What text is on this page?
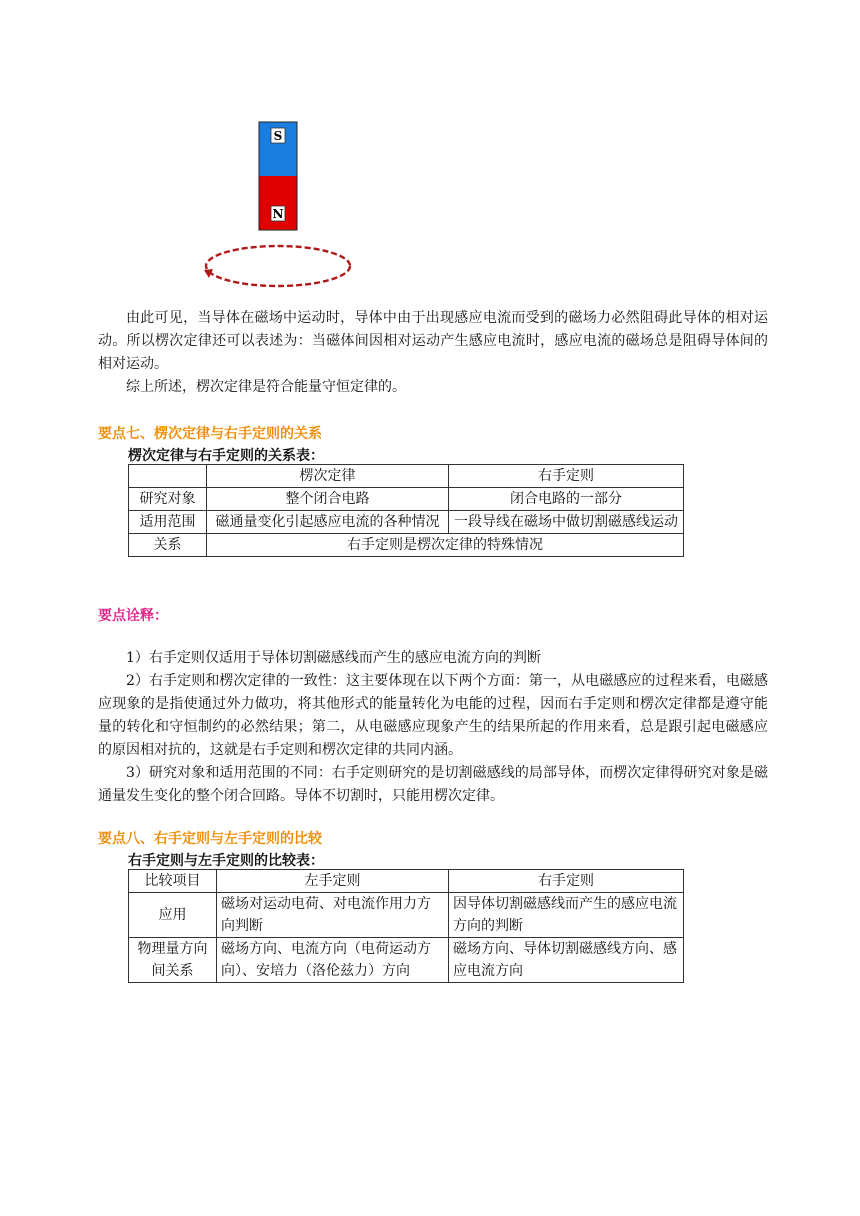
S
N

由此可见，当导体在磁场中运动时，导体中由于出现感应电流而受到的磁场力必然阻碍此导体的相对运动。所以楞次定律还可以表述为：当磁体间因相对运动产生感应电流时，感应电流的磁场总是阻碍导体间的相对运动。

综上所述，楞次定律是符合能量守恒定律的。

要点七、楞次定律与右手定则的关系

楞次定律与右手定则的关系表：

	楞次定律	右手定则
研究对象	整个闭合电路	闭合电路的一部分
适用范围	磁通量变化引起感应电流的各种情况	一段导线在磁场中做切割磁感线运动
关系	右手定则是楞次定律的特殊情况	

要点诠释：

1）右手定则仅适用于导体切割磁感线而产生的感应电流方向的判断

2）右手定则和楞次定律的一致性：这主要体现在以下两个方面：第一，从电磁感应的过程来看，电磁感应现象的是指使通过外力做功，将其他形式的能量转化为电能的过程，因而右手定则和楞次定律都是遵守能量的转化和守恒制约的必然结果；第二，从电磁感应现象产生的结果所起的作用来看，总是跟引起电磁感应的原因相对抗的，这就是右手定则和楞次定律的共同内涵。

3）研究对象和适用范围的不同：右手定则研究的是切割磁感线的局部导体，而楞次定律得研究对象是磁通量发生变化的整个闭合回路。导体不切割时，只能用楞次定律。

要点八、右手定则与左手定则的比较

右手定则与左手定则的比较表：

比较项目	左手定则	右手定则
应用	磁场对运动电荷、对电流作用力方向判断	因导体切割磁感线而产生的感应电流方向的判断
物理量方向间关系	磁场方向、电流方向（电荷运动方向）、安培力（洛伦兹力）方向	磁场方向、导体切割磁感线方向、感应电流方向
